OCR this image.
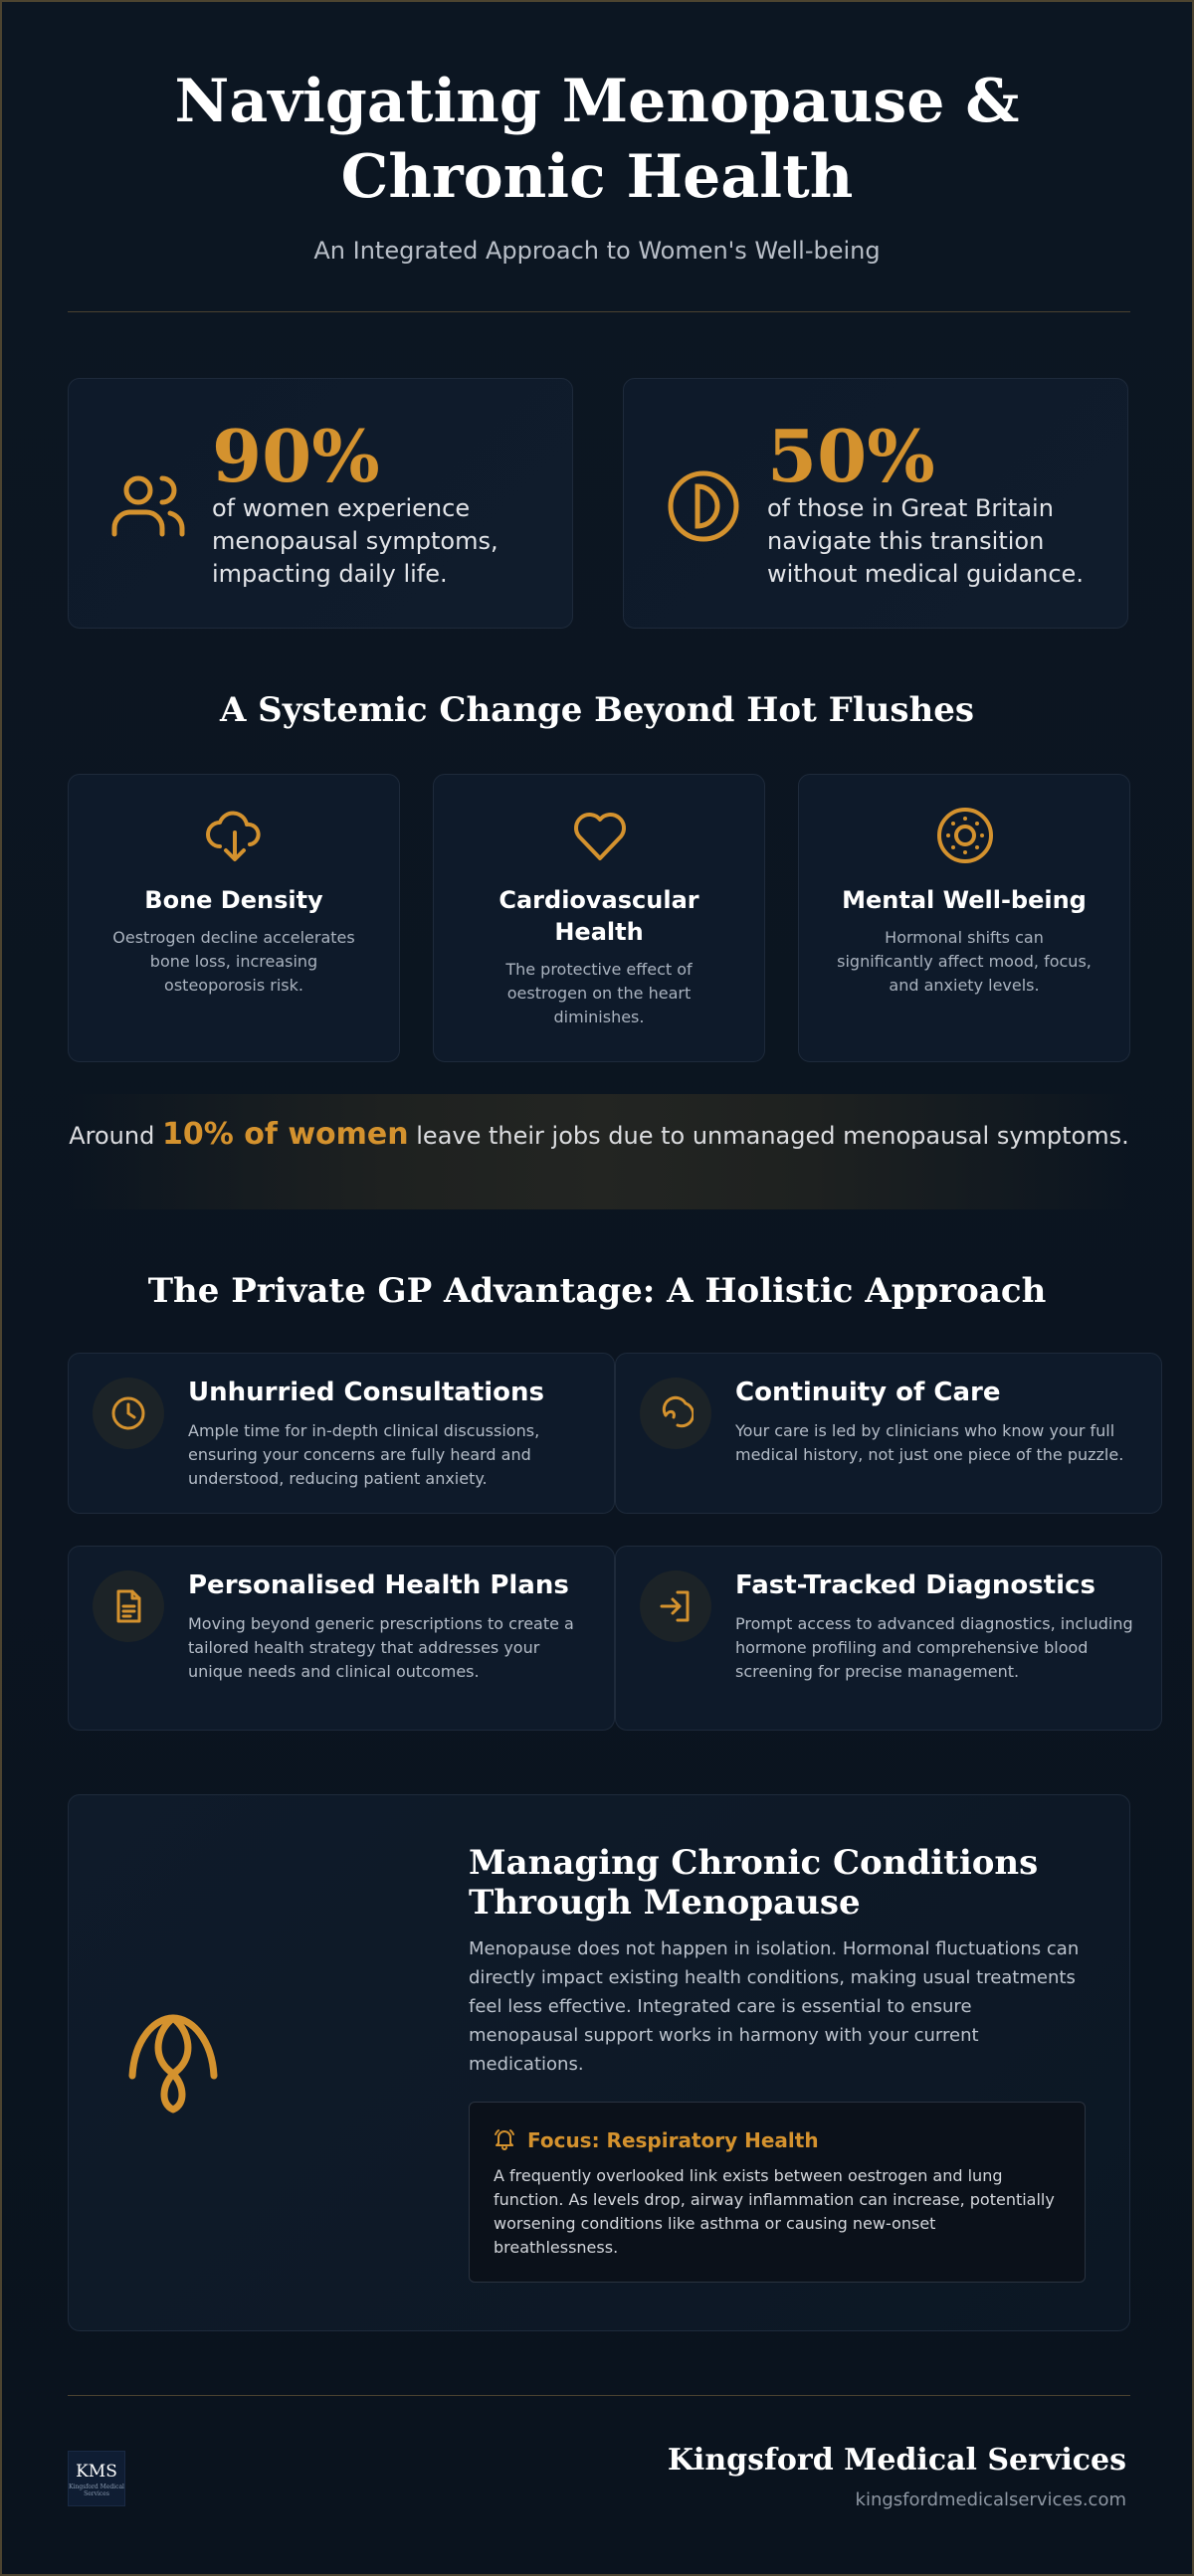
Navigating Menopause & Chronic Health
An Integrated Approach to Women's Well-being
90%
of women experience menopausal symptoms, impacting daily life.
50%
of those in Great Britain navigate this transition without medical guidance.
A Systemic Change Beyond Hot Flushes
Bone Density
Oestrogen decline accelerates bone loss, increasing osteoporosis risk.
Cardiovascular Health
The protective effect of oestrogen on the heart diminishes.
Mental Well-being
Hormonal shifts can significantly affect mood, focus, and anxiety levels.
Around 10% of women leave their jobs due to unmanaged menopausal symptoms.
The Private GP Advantage: A Holistic Approach
Unhurried Consultations
Ample time for in-depth clinical discussions, ensuring your concerns are fully heard and understood, reducing patient anxiety.
Continuity of Care
Your care is led by clinicians who know your full medical history, not just one piece of the puzzle.
Personalised Health Plans
Moving beyond generic prescriptions to create a tailored health strategy that addresses your unique needs and clinical outcomes.
Fast-Tracked Diagnostics
Prompt access to advanced diagnostics, including hormone profiling and comprehensive blood screening for precise management.
Managing Chronic Conditions Through Menopause

Menopause does not happen in isolation. Hormonal fluctuations can directly impact existing health conditions, making usual treatments feel less effective. Integrated care is essential to ensure menopausal support works in harmony with your current medications.

Focus: Respiratory Health
A frequently overlooked link exists between oestrogen and lung function. As levels drop, airway inflammation can increase, potentially worsening conditions like asthma or causing new-onset breathlessness.
KMS
Kingsford Medical Services
Kingsford Medical Services
kingsfordmedicalservices.com
